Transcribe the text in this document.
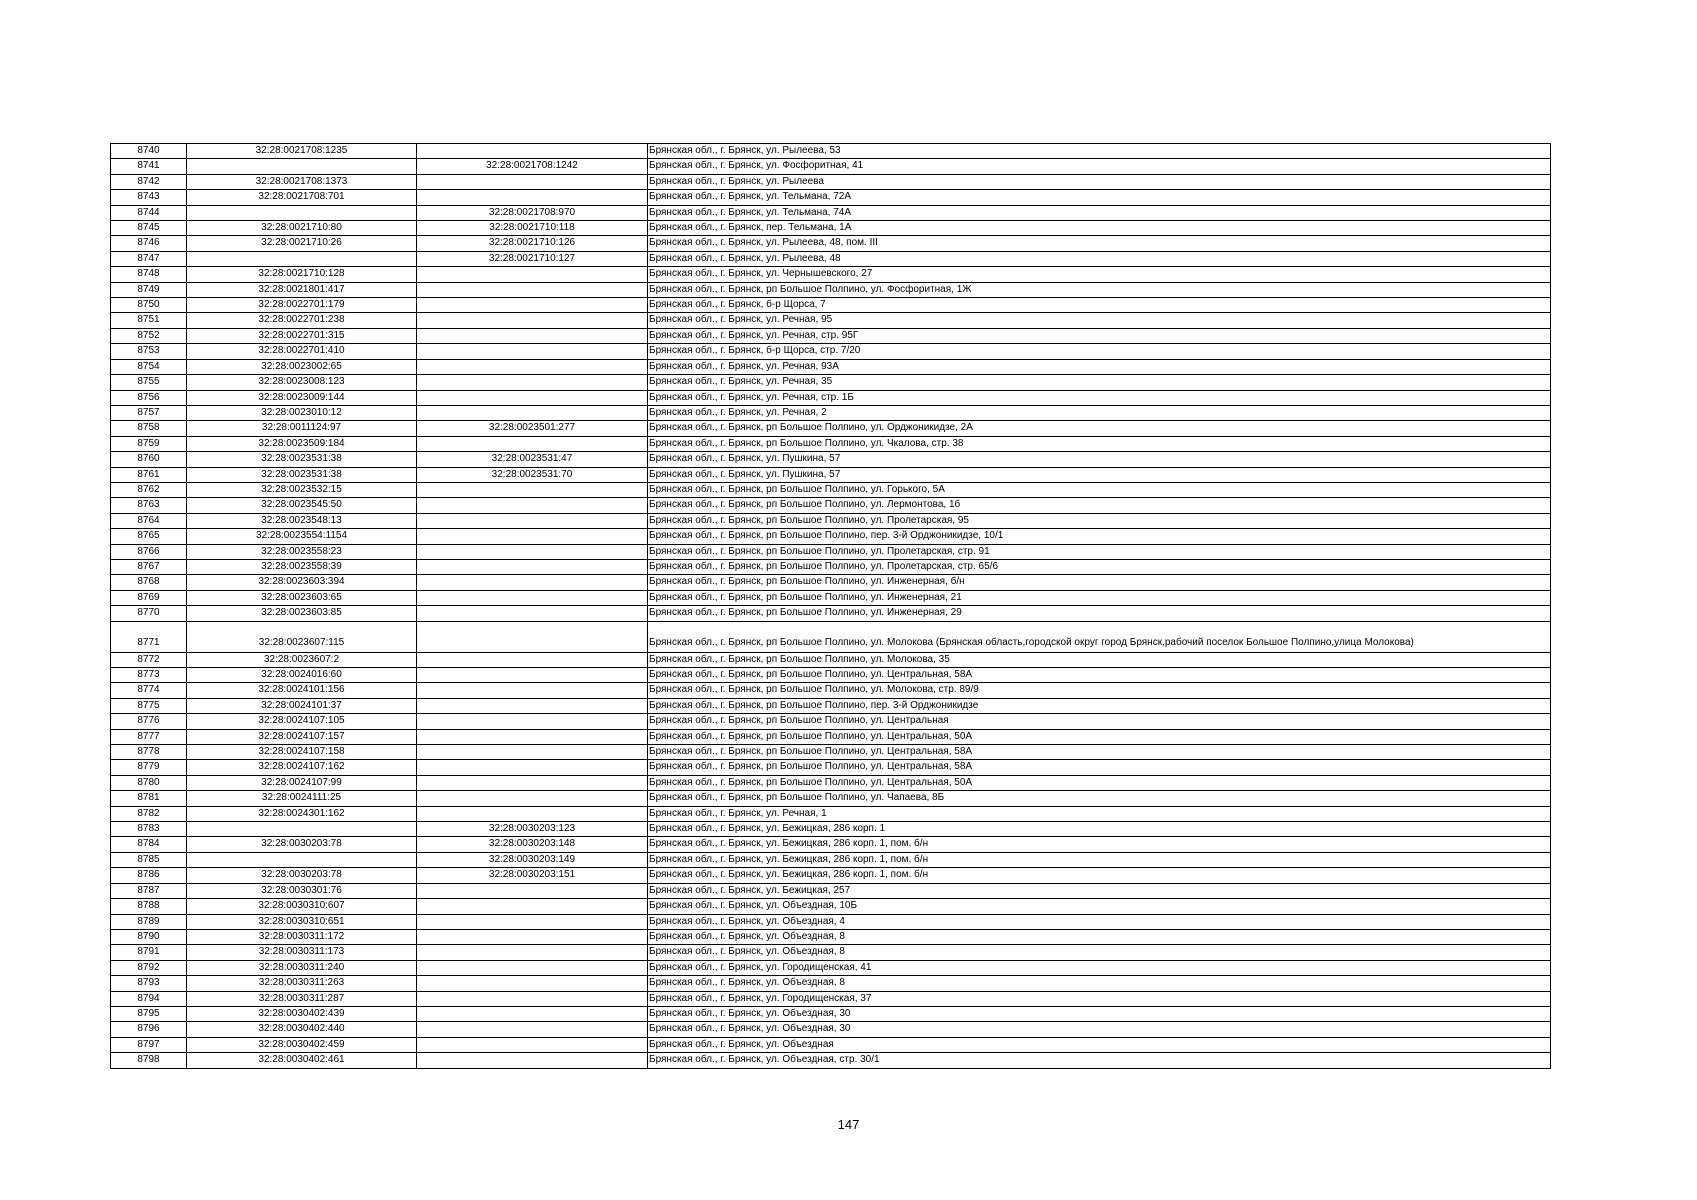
8740	32:28:0021708:1235		Брянская обл., г. Брянск, ул. Рылеева, 53
8741		32:28:0021708:1242	Брянская обл., г. Брянск, ул. Фосфоритная, 41
8742	32:28:0021708:1373		Брянская обл., г. Брянск, ул. Рылеева
8743	32:28:0021708:701		Брянская обл., г. Брянск, ул. Тельмана, 72А
8744		32:28:0021708:970	Брянская обл., г. Брянск, ул. Тельмана, 74А
8745	32:28:0021710:80	32:28:0021710:118	Брянская обл., г. Брянск, пер. Тельмана, 1А
8746	32:28:0021710:26	32:28:0021710:126	Брянская обл., г. Брянск, ул. Рылеева, 48, пом. III
8747		32:28:0021710:127	Брянская обл., г. Брянск, ул. Рылеева, 48
8748	32:28:0021710:128		Брянская обл., г. Брянск, ул. Чернышевского, 27
8749	32:28:0021801:417		Брянская обл., г. Брянск, рп Большое Полпино, ул. Фосфоритная, 1Ж
8750	32:28:0022701:179		Брянская обл., г. Брянск, б-р Щорса, 7
8751	32:28:0022701:238		Брянская обл., г. Брянск, ул. Речная, 95
8752	32:28:0022701:315		Брянская обл., г. Брянск, ул. Речная, стр. 95Г
8753	32:28:0022701:410		Брянская обл., г. Брянск, б-р Щорса, стр. 7/20
8754	32:28:0023002:65		Брянская обл., г. Брянск, ул. Речная, 93А
8755	32:28:0023008:123		Брянская обл., г. Брянск, ул. Речная, 35
8756	32:28:0023009:144		Брянская обл., г. Брянск, ул. Речная, стр. 1Б
8757	32:28:0023010:12		Брянская обл., г. Брянск, ул. Речная, 2
8758	32:28:0011124:97	32:28:0023501:277	Брянская обл., г. Брянск, рп Большое Полпино, ул. Орджоникидзе, 2А
8759	32:28:0023509:184		Брянская обл., г. Брянск, рп Большое Полпино, ул. Чкалова, стр. 38
8760	32:28:0023531:38	32:28:0023531:47	Брянская обл., г. Брянск, ул. Пушкина, 57
8761	32:28:0023531:38	32:28:0023531:70	Брянская обл., г. Брянск, ул. Пушкина, 57
8762	32:28:0023532:15		Брянская обл., г. Брянск, рп Большое Полпино, ул. Горького, 5А
8763	32:28:0023545:50		Брянская обл., г. Брянск, рп Большое Полпино, ул. Лермонтова, 1б
8764	32:28:0023548:13		Брянская обл., г. Брянск, рп Большое Полпино, ул. Пролетарская, 95
8765	32:28:0023554:1154		Брянская обл., г. Брянск, рп Большое Полпино, пер. 3-й Орджоникидзе, 10/1
8766	32:28:0023558:23		Брянская обл., г. Брянск, рп Большое Полпино, ул. Пролетарская, стр. 91
8767	32:28:0023558:39		Брянская обл., г. Брянск, рп Большое Полпино, ул. Пролетарская, стр. 65/6
8768	32:28:0023603:394		Брянская обл., г. Брянск, рп Большое Полпино, ул. Инженерная, б/н
8769	32:28:0023603:65		Брянская обл., г. Брянск, рп Большое Полпино, ул. Инженерная, 21
8770	32:28:0023603:85		Брянская обл., г. Брянск, рп Большое Полпино, ул. Инженерная, 29
8771	32:28:0023607:115		Брянская обл., г. Брянск, рп Большое Полпино, ул. Молокова (Брянская область,городской округ город Брянск,рабочий поселок Большое Полпино,улица Молокова)
8772	32:28:0023607:2		Брянская обл., г. Брянск, рп Большое Полпино, ул. Молокова, 35
8773	32:28:0024016:60		Брянская обл., г. Брянск, рп Большое Полпино, ул. Центральная, 58А
8774	32:28:0024101:156		Брянская обл., г. Брянск, рп Большое Полпино, ул. Молокова, стр. 89/9
8775	32:28:0024101:37		Брянская обл., г. Брянск, рп Большое Полпино, пер. 3-й Орджоникидзе
8776	32:28:0024107:105		Брянская обл., г. Брянск, рп Большое Полпино, ул. Центральная
8777	32:28:0024107:157		Брянская обл., г. Брянск, рп Большое Полпино, ул. Центральная, 50А
8778	32:28:0024107:158		Брянская обл., г. Брянск, рп Большое Полпино, ул. Центральная, 58А
8779	32:28:0024107:162		Брянская обл., г. Брянск, рп Большое Полпино, ул. Центральная, 58А
8780	32:28:0024107:99		Брянская обл., г. Брянск, рп Большое Полпино, ул. Центральная, 50А
8781	32:28:0024111:25		Брянская обл., г. Брянск, рп Большое Полпино, ул. Чапаева, 8Б
8782	32:28:0024301:162		Брянская обл., г. Брянск, ул. Речная, 1
8783		32:28:0030203:123	Брянская обл., г. Брянск, ул. Бежицкая, 286 корп. 1
8784	32:28:0030203:78	32:28:0030203:148	Брянская обл., г. Брянск, ул. Бежицкая, 286 корп. 1, пом. б/н
8785		32:28:0030203:149	Брянская обл., г. Брянск, ул. Бежицкая, 286 корп. 1, пом. б/н
8786	32:28:0030203:78	32:28:0030203:151	Брянская обл., г. Брянск, ул. Бежицкая, 286 корп. 1, пом. б/н
8787	32:28:0030301:76		Брянская обл., г. Брянск, ул. Бежицкая, 257
8788	32:28:0030310:607		Брянская обл., г. Брянск, ул. Объездная, 10Б
8789	32:28:0030310:651		Брянская обл., г. Брянск, ул. Объездная, 4
8790	32:28:0030311:172		Брянская обл., г. Брянск, ул. Объездная, 8
8791	32:28:0030311:173		Брянская обл., г. Брянск, ул. Объездная, 8
8792	32:28:0030311:240		Брянская обл., г. Брянск, ул. Городищенская, 41
8793	32:28:0030311:263		Брянская обл., г. Брянск, ул. Объездная, 8
8794	32:28:0030311:287		Брянская обл., г. Брянск, ул. Городищенская, 37
8795	32:28:0030402:439		Брянская обл., г. Брянск, ул. Объездная, 30
8796	32:28:0030402:440		Брянская обл., г. Брянск, ул. Объездная, 30
8797	32:28:0030402:459		Брянская обл., г. Брянск, ул. Объездная
8798	32:28:0030402:461		Брянская обл., г. Брянск, ул. Объездная, стр. 30/1
147
